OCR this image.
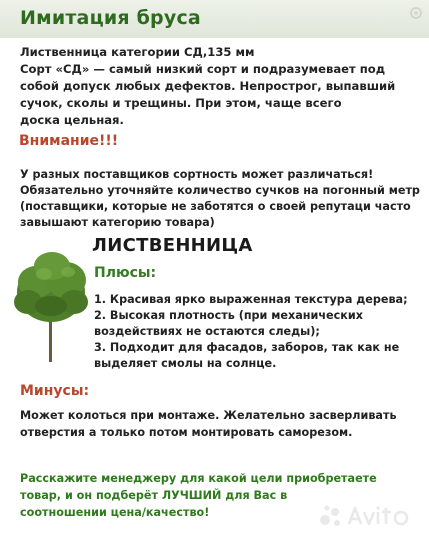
Имитация бруса
Лиственница категории СД,135 мм
Сорт «СД» — самый низкий сорт и подразумевает под
собой допуск любых дефектов. Непрострог, выпавший
сучок, сколы и трещины. При этом, чаще всего
доска цельная.
Внимание!!!
У разных поставщиков сортность может различаться!
Обязательно уточняйте количество сучков на погонный метр
(поставщики, которые не заботятся о своей репутаци часто
завышают категорию товара)
ЛИСТВЕННИЦА
Плюсы:
1. Красивая ярко выраженная текстура дерева;
2. Высокая плотность (при механических
воздействиях не остаются следы);
3. Подходит для фасадов, заборов, так как не
выделяет смолы на солнце.
Минусы:
Может колоться при монтаже. Желательно засверливать
отверстия а только потом монтировать саморезом.
Расскажите менеджеру для какой цели приобретаете
товар, и он подберёт ЛУЧШИЙ для Вас в
соотношении цена/качество!
